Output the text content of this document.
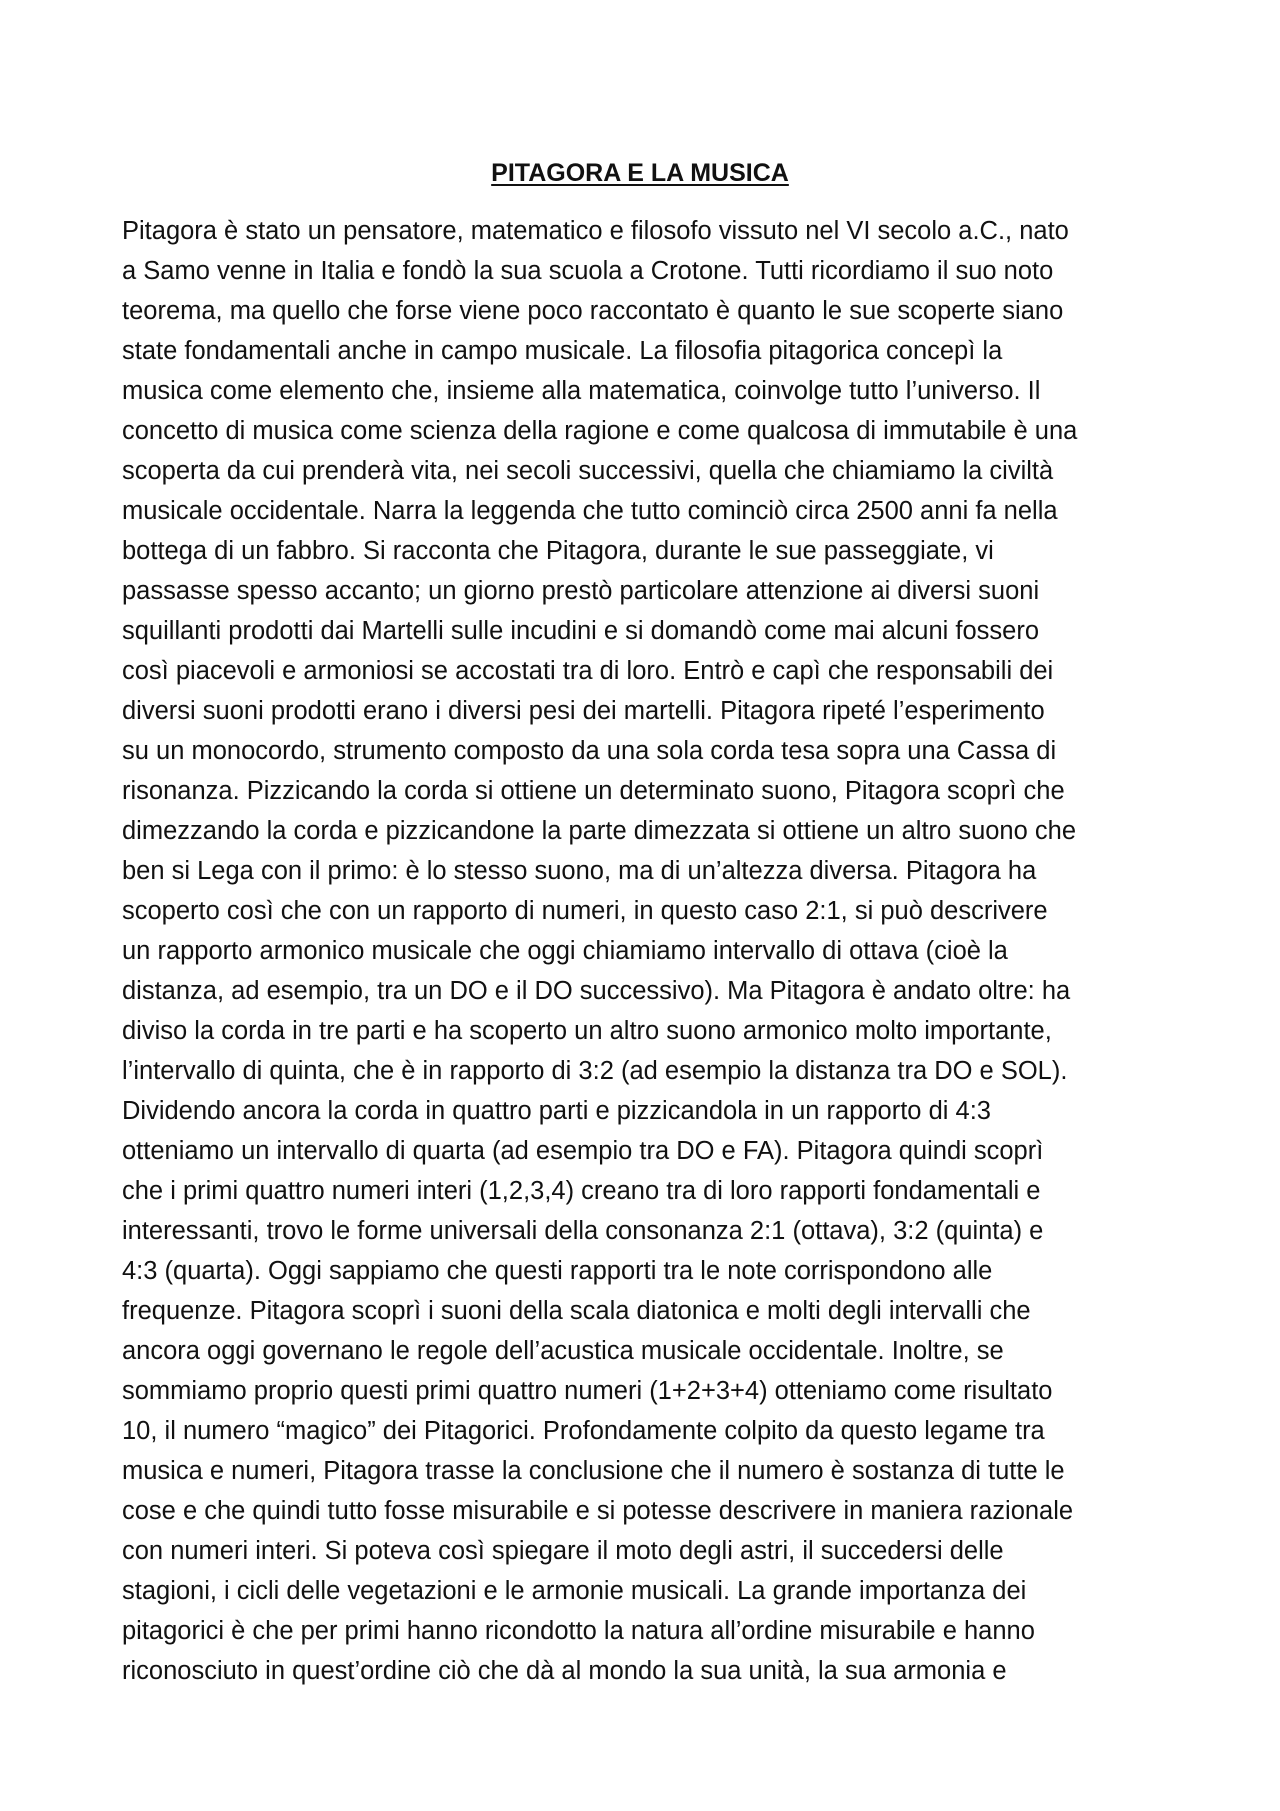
PITAGORA E LA MUSICA
Pitagora è stato un pensatore, matematico e filosofo vissuto nel VI secolo a.C., nato
a Samo venne in Italia e fondò la sua scuola a Crotone. Tutti ricordiamo il suo noto
teorema, ma quello che forse viene poco raccontato è quanto le sue scoperte siano
state fondamentali anche in campo musicale. La filosofia pitagorica concepì la
musica come elemento che, insieme alla matematica, coinvolge tutto l’universo. Il
concetto di musica come scienza della ragione e come qualcosa di immutabile è una
scoperta da cui prenderà vita, nei secoli successivi, quella che chiamiamo la civiltà
musicale occidentale. Narra la leggenda che tutto cominciò circa 2500 anni fa nella
bottega di un fabbro. Si racconta che Pitagora, durante le sue passeggiate, vi
passasse spesso accanto; un giorno prestò particolare attenzione ai diversi suoni
squillanti prodotti dai Martelli sulle incudini e si domandò come mai alcuni fossero
così piacevoli e armoniosi se accostati tra di loro. Entrò e capì che responsabili dei
diversi suoni prodotti erano i diversi pesi dei martelli. Pitagora ripeté l’esperimento
su un monocordo, strumento composto da una sola corda tesa sopra una Cassa di
risonanza. Pizzicando la corda si ottiene un determinato suono, Pitagora scoprì che
dimezzando la corda e pizzicandone la parte dimezzata si ottiene un altro suono che
ben si Lega con il primo: è lo stesso suono, ma di un’altezza diversa. Pitagora ha
scoperto così che con un rapporto di numeri, in questo caso 2:1, si può descrivere
un rapporto armonico musicale che oggi chiamiamo intervallo di ottava (cioè la
distanza, ad esempio, tra un DO e il DO successivo). Ma Pitagora è andato oltre: ha
diviso la corda in tre parti e ha scoperto un altro suono armonico molto importante,
l’intervallo di quinta, che è in rapporto di 3:2 (ad esempio la distanza tra DO e SOL).
Dividendo ancora la corda in quattro parti e pizzicandola in un rapporto di 4:3
otteniamo un intervallo di quarta (ad esempio tra DO e FA). Pitagora quindi scoprì
che i primi quattro numeri interi (1,2,3,4) creano tra di loro rapporti fondamentali e
interessanti, trovo le forme universali della consonanza 2:1 (ottava), 3:2 (quinta) e
4:3 (quarta). Oggi sappiamo che questi rapporti tra le note corrispondono alle
frequenze. Pitagora scoprì i suoni della scala diatonica e molti degli intervalli che
ancora oggi governano le regole dell’acustica musicale occidentale. Inoltre, se
sommiamo proprio questi primi quattro numeri (1+2+3+4) otteniamo come risultato
10, il numero “magico” dei Pitagorici. Profondamente colpito da questo legame tra
musica e numeri, Pitagora trasse la conclusione che il numero è sostanza di tutte le
cose e che quindi tutto fosse misurabile e si potesse descrivere in maniera razionale
con numeri interi. Si poteva così spiegare il moto degli astri, il succedersi delle
stagioni, i cicli delle vegetazioni e le armonie musicali. La grande importanza dei
pitagorici è che per primi hanno ricondotto la natura all’ordine misurabile e hanno
riconosciuto in quest’ordine ciò che dà al mondo la sua unità, la sua armonia e
